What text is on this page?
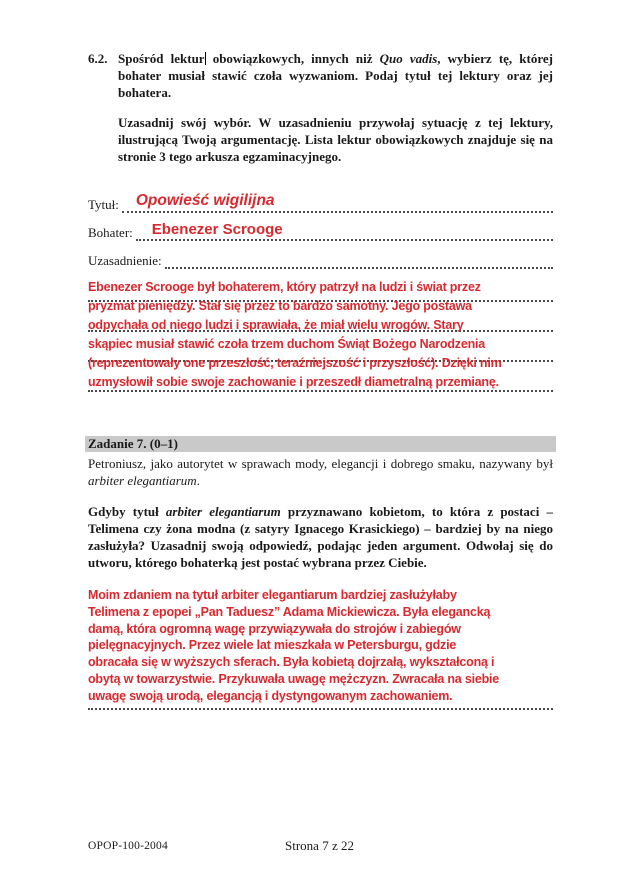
6.2. Spośród lektur obowiązkowych, innych niż Quo vadis, wybierz tę, której bohater musiał stawić czoła wyzwaniom. Podaj tytuł tej lektury oraz jej bohatera.

Uzasadnij swój wybór. W uzasadnieniu przywołaj sytuację z tej lektury, ilustrującą Twoją argumentację. Lista lektur obowiązkowych znajduje się na stronie 3 tego arkusza egzaminacyjnego.

Tytuł: Opowieść wigilijna
Bohater: Ebenezer Scrooge
Uzasadnienie:
Ebenezer Scrooge był bohaterem, który patrzył na ludzi i świat przez
pryzmat pieniędzy. Stał się przez to bardzo samotny. Jego postawa
odpychała od niego ludzi i sprawiała, że miał wielu wrogów. Stary
skąpiec musiał stawić czoła trzem duchom Świąt Bożego Narodzenia
(reprezentowały one przeszłość, teraźniejszość i przyszłość). Dzięki nim
uzmysłowił sobie swoje zachowanie i przeszedł diametralną przemianę.
Zadanie 7. (0–1)

Petroniusz, jako autorytet w sprawach mody, elegancji i dobrego smaku, nazywany był arbiter elegantiarum.

Gdyby tytuł arbiter elegantiarum przyznawano kobietom, to która z postaci – Telimena czy żona modna (z satyry Ignacego Krasickiego) – bardziej by na niego zasłużyła? Uzasadnij swoją odpowiedź, podając jeden argument. Odwołaj się do utworu, którego bohaterką jest postać wybrana przez Ciebie.

Moim zdaniem na tytuł arbiter elegantiarum bardziej zasłużyłaby
Telimena z epopei „Pan Taduesz” Adama Mickiewicza. Była elegancką
damą, która ogromną wagę przywiązywała do strojów i zabiegów
pielęgnacyjnych. Przez wiele lat mieszkała w Petersburgu, gdzie
obracała się w wyższych sferach. Była kobietą dojrzałą, wykształconą i
obytą w towarzystwie. Przykuwała uwagę mężczyzn. Zwracała na siebie
uwagę swoją urodą, elegancją i dystyngowanym zachowaniem.
Strona 7 z 22
OPOP-100-2004
